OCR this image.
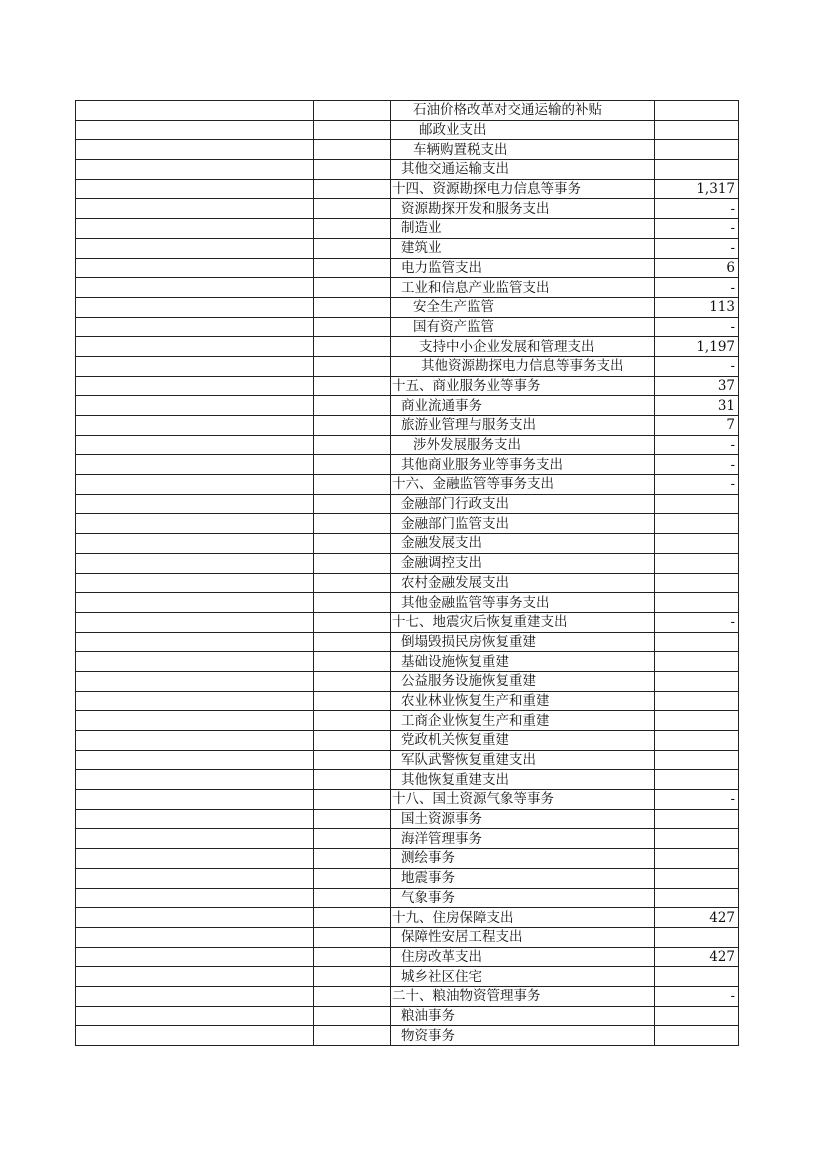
		石油价格改革对交通运输的补贴	
		邮政业支出	
		车辆购置税支出	
		其他交通运输支出	
		十四、资源勘探电力信息等事务	1,317
		资源勘探开发和服务支出	-
		制造业	-
		建筑业	-
		电力监管支出	6
		工业和信息产业监管支出	-
		安全生产监管	113
		国有资产监管	-
		支持中小企业发展和管理支出	1,197
		其他资源勘探电力信息等事务支出	-
		十五、商业服务业等事务	37
		商业流通事务	31
		旅游业管理与服务支出	7
		涉外发展服务支出	-
		其他商业服务业等事务支出	-
		十六、金融监管等事务支出	-
		金融部门行政支出	
		金融部门监管支出	
		金融发展支出	
		金融调控支出	
		农村金融发展支出	
		其他金融监管等事务支出	
		十七、地震灾后恢复重建支出	-
		倒塌毁损民房恢复重建	
		基础设施恢复重建	
		公益服务设施恢复重建	
		农业林业恢复生产和重建	
		工商企业恢复生产和重建	
		党政机关恢复重建	
		军队武警恢复重建支出	
		其他恢复重建支出	
		十八、国土资源气象等事务	-
		国土资源事务	
		海洋管理事务	
		测绘事务	
		地震事务	
		气象事务	
		十九、住房保障支出	427
		保障性安居工程支出	
		住房改革支出	427
		城乡社区住宅	
		二十、粮油物资管理事务	-
		粮油事务	
		物资事务	
